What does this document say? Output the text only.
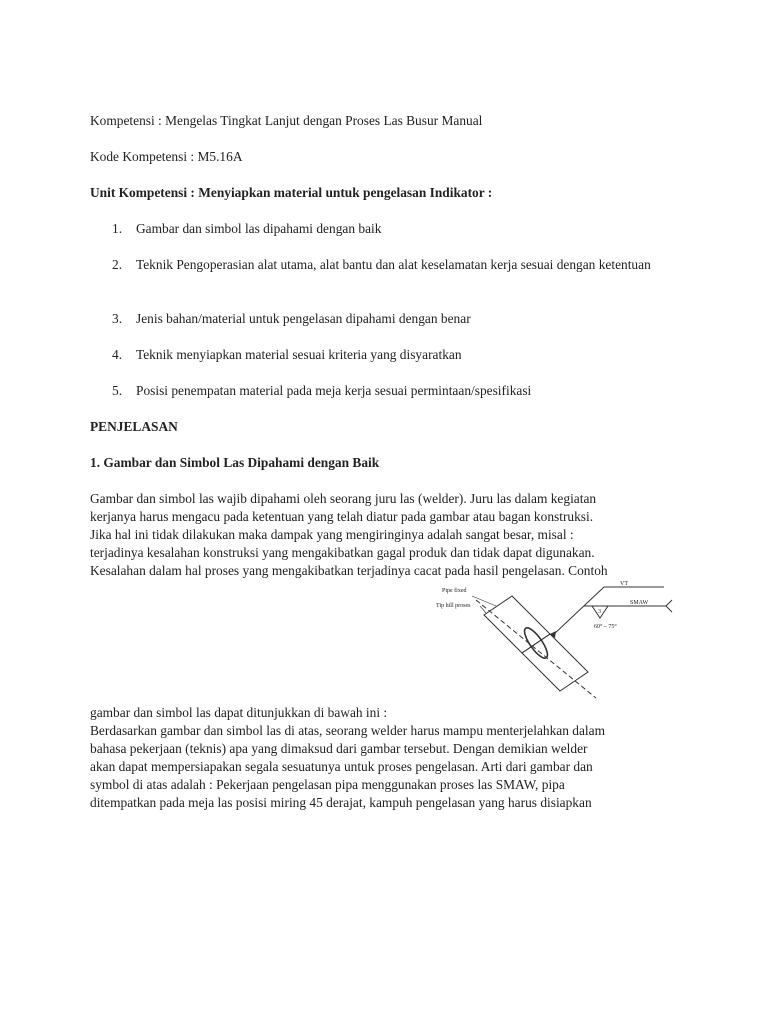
Kompetensi : Mengelas Tingkat Lanjut dengan Proses Las Busur Manual
Kode Kompetensi : M5.16A
Unit Kompetensi : Menyiapkan material untuk pengelasan Indikator :
1. Gambar dan simbol las dipahami dengan baik
2. Teknik Pengoperasian alat utama, alat bantu dan alat keselamatan kerja sesuai dengan ketentuan
3. Jenis bahan/material untuk pengelasan dipahami dengan benar
4. Teknik menyiapkan material sesuai kriteria yang disyaratkan
5. Posisi penempatan material pada meja kerja sesuai permintaan/spesifikasi
PENJELASAN
1. Gambar dan Simbol Las Dipahami dengan Baik
Gambar dan simbol las wajib dipahami oleh seorang juru las (welder). Juru las dalam kegiatan
kerjanya harus mengacu pada ketentuan yang telah diatur pada gambar atau bagan konstruksi.
Jika hal ini tidak dilakukan maka dampak yang mengiringinya adalah sangat besar, misal :
terjadinya kesalahan konstruksi yang mengakibatkan gagal produk dan tidak dapat digunakan.
Kesalahan dalam hal proses yang mengakibatkan terjadinya cacat pada hasil pengelasan. Contoh
Pipe fixed
Tip hill proses
VT
SMAW
60° – 75°
3
gambar dan simbol las dapat ditunjukkan di bawah ini :
Berdasarkan gambar dan simbol las di atas, seorang welder harus mampu menterjelahkan dalam
bahasa pekerjaan (teknis) apa yang dimaksud dari gambar tersebut. Dengan demikian welder
akan dapat mempersiapakan segala sesuatunya untuk proses pengelasan. Arti dari gambar dan
symbol di atas adalah : Pekerjaan pengelasan pipa menggunakan proses las SMAW, pipa
ditempatkan pada meja las posisi miring 45 derajat, kampuh pengelasan yang harus disiapkan
